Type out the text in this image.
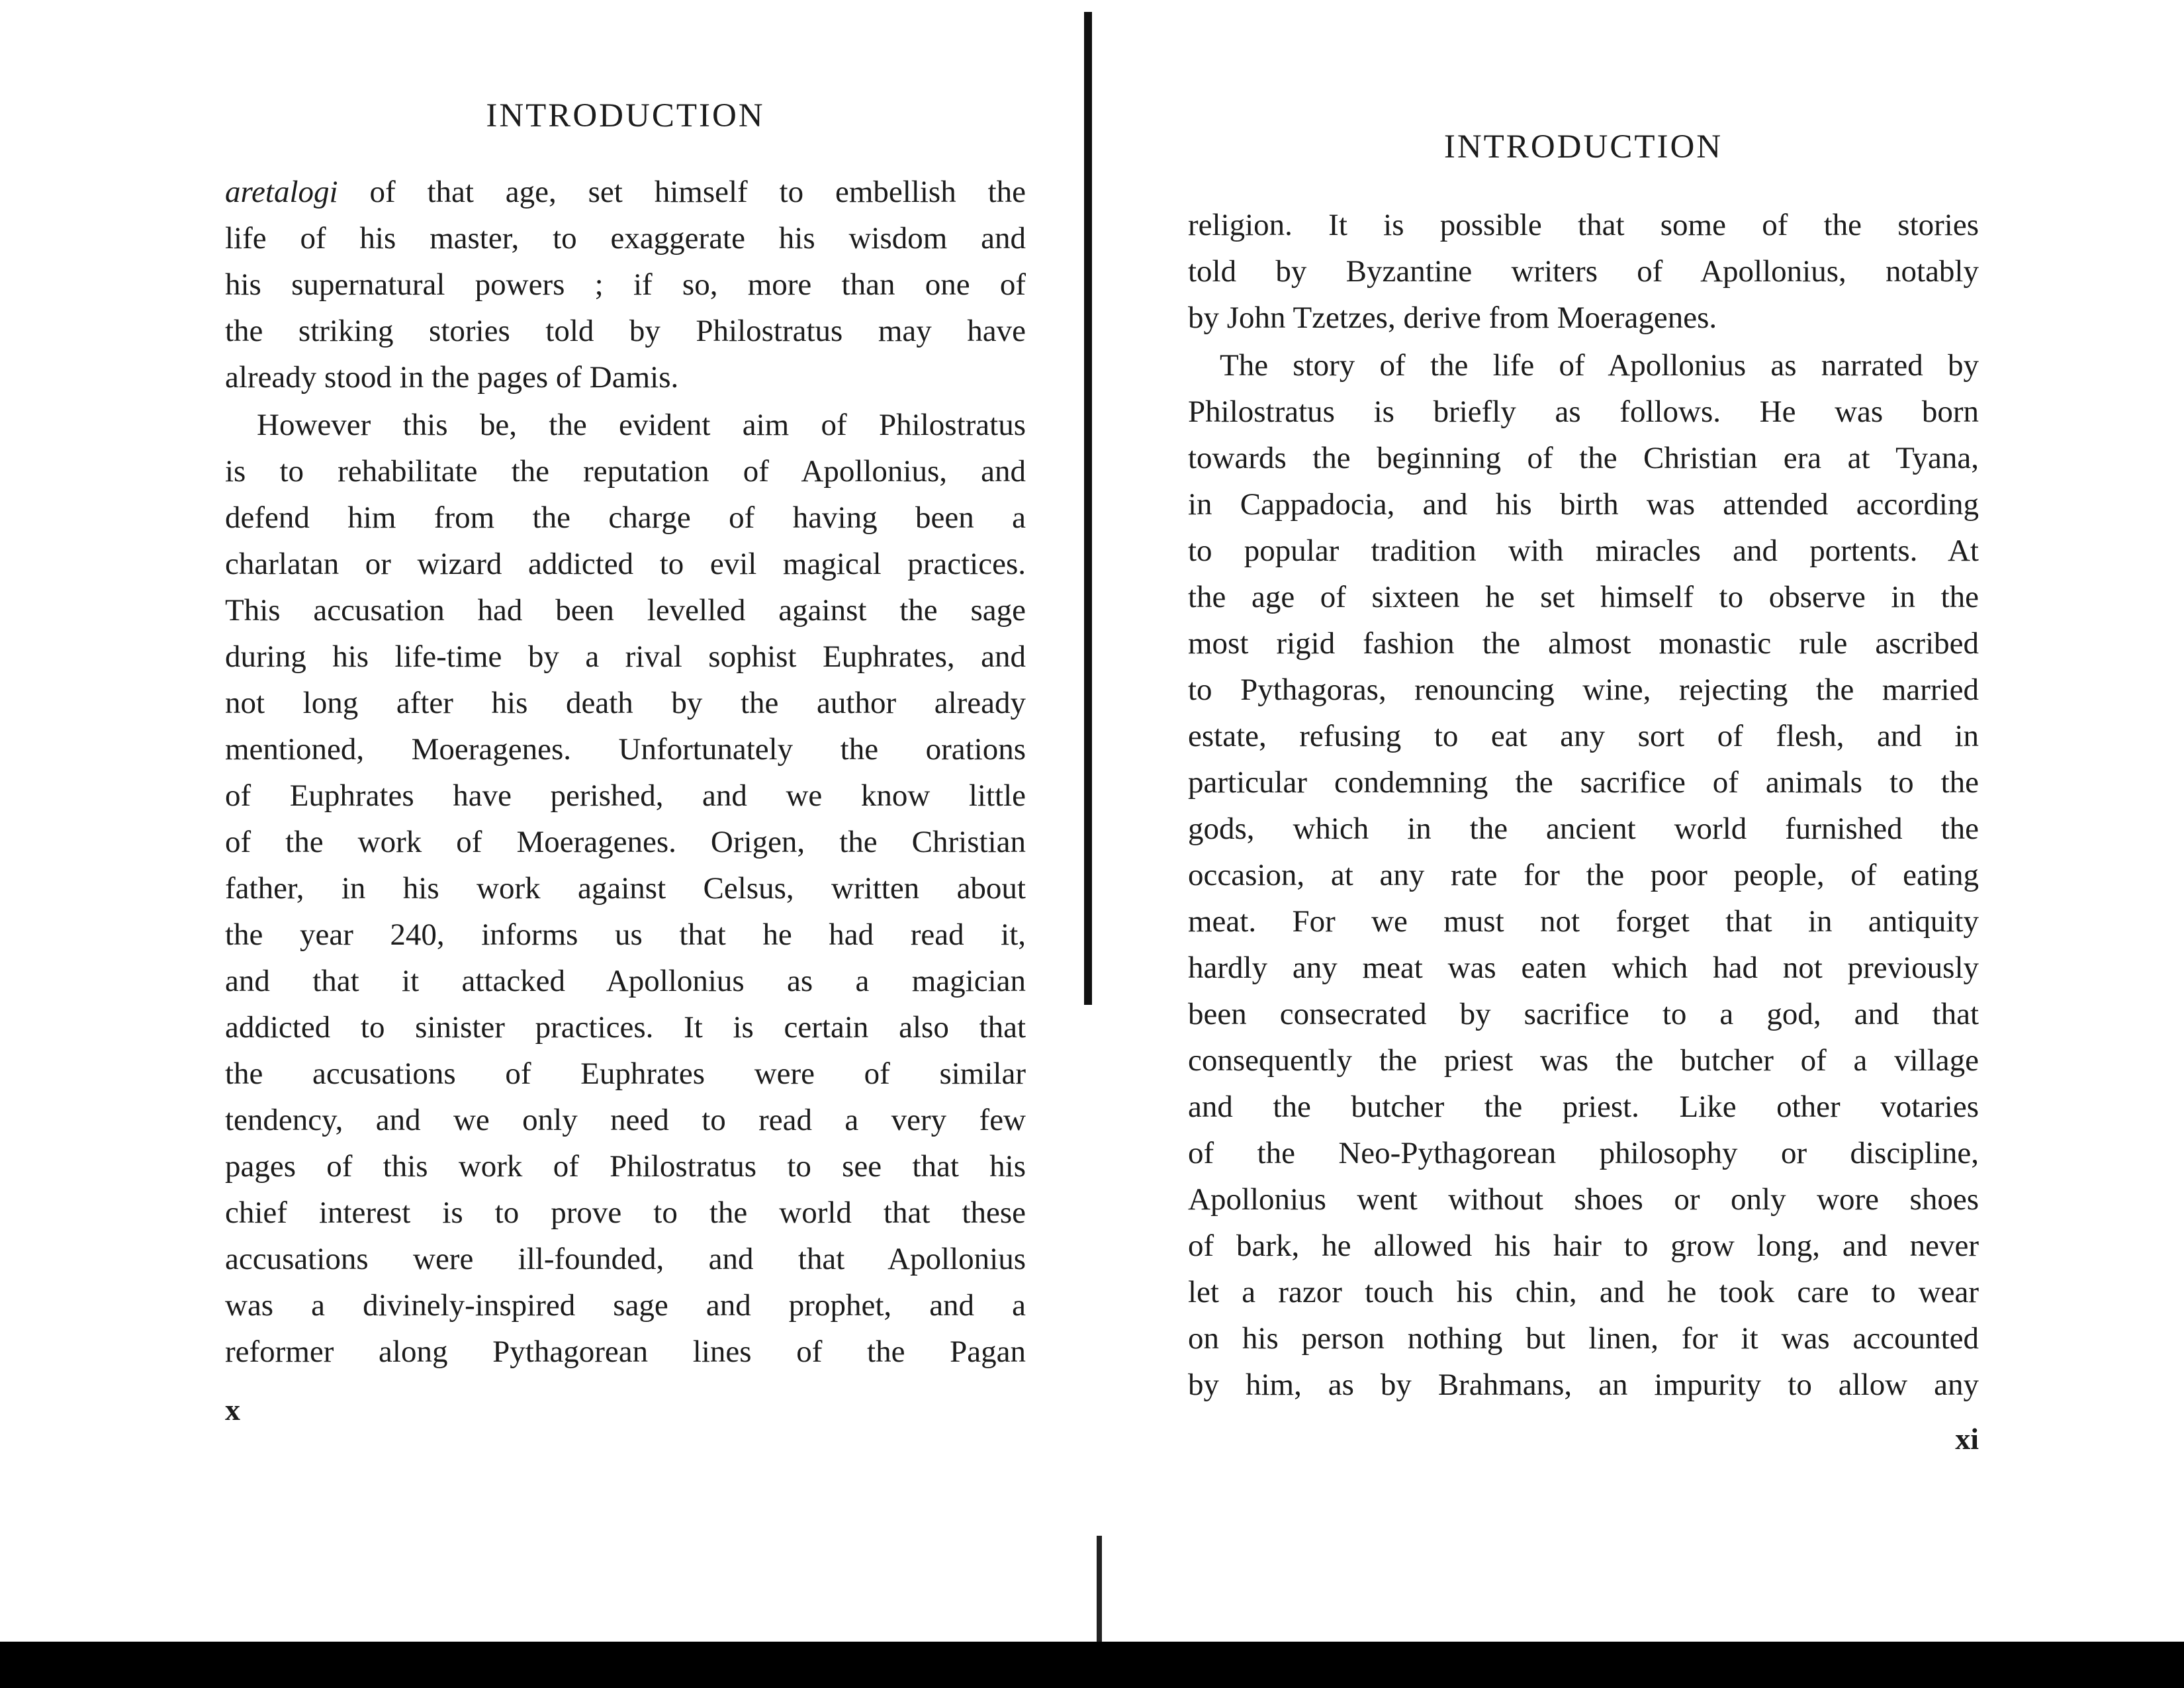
INTRODUCTION
aretalogi of that age, set himself to embellish the
life of his master, to exaggerate his wisdom and
his supernatural powers ; if so, more than one of
the striking stories told by Philostratus may have
already stood in the pages of Damis.
However this be, the evident aim of Philostratus
is to rehabilitate the reputation of Apollonius, and
defend him from the charge of having been a
charlatan or wizard addicted to evil magical practices.
This accusation had been levelled against the sage
during his life-time by a rival sophist Euphrates, and
not long after his death by the author already
mentioned, Moeragenes. Unfortunately the orations
of Euphrates have perished, and we know little
of the work of Moeragenes. Origen, the Christian
father, in his work against Celsus, written about
the year 240, informs us that he had read it,
and that it attacked Apollonius as a magician
addicted to sinister practices. It is certain also that
the accusations of Euphrates were of similar
tendency, and we only need to read a very few
pages of this work of Philostratus to see that his
chief interest is to prove to the world that these
accusations were ill-founded, and that Apollonius
was a divinely-inspired sage and prophet, and a
reformer along Pythagorean lines of the Pagan
x
INTRODUCTION
religion. It is possible that some of the stories
told by Byzantine writers of Apollonius, notably
by John Tzetzes, derive from Moeragenes.
The story of the life of Apollonius as narrated by
Philostratus is briefly as follows. He was born
towards the beginning of the Christian era at Tyana,
in Cappadocia, and his birth was attended according
to popular tradition with miracles and portents. At
the age of sixteen he set himself to observe in the
most rigid fashion the almost monastic rule ascribed
to Pythagoras, renouncing wine, rejecting the married
estate, refusing to eat any sort of flesh, and in
particular condemning the sacrifice of animals to the
gods, which in the ancient world furnished the
occasion, at any rate for the poor people, of eating
meat. For we must not forget that in antiquity
hardly any meat was eaten which had not previously
been consecrated by sacrifice to a god, and that
consequently the priest was the butcher of a village
and the butcher the priest. Like other votaries
of the Neo-Pythagorean philosophy or discipline,
Apollonius went without shoes or only wore shoes
of bark, he allowed his hair to grow long, and never
let a razor touch his chin, and he took care to wear
on his person nothing but linen, for it was accounted
by him, as by Brahmans, an impurity to allow any
xi
